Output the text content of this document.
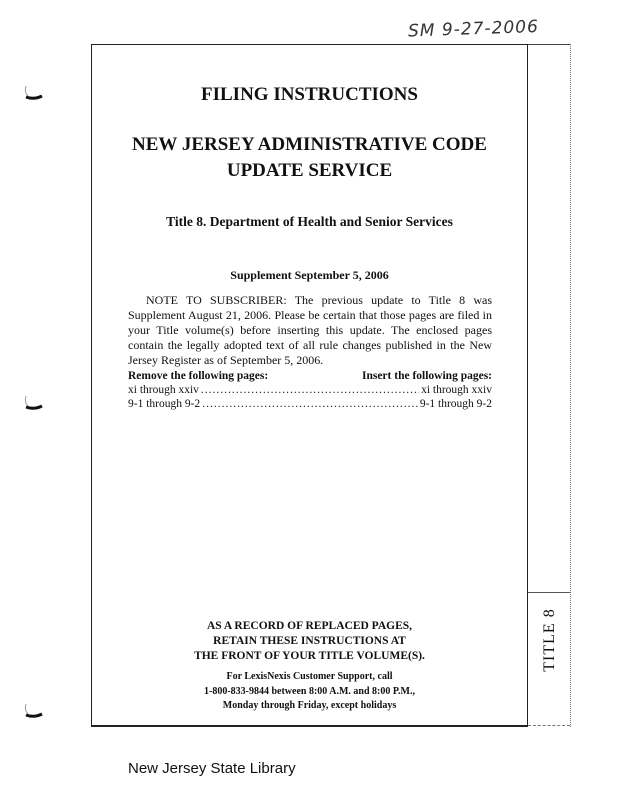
SM 9-27-2006
TITLE 8
FILING INSTRUCTIONS
NEW JERSEY ADMINISTRATIVE CODE
UPDATE SERVICE
Title 8. Department of Health and Senior Services
Supplement September 5, 2006
NOTE TO SUBSCRIBER: The previous update to Title 8 was Supplement August 21, 2006. Please be certain that those pages are filed in your Title volume(s) before inserting this update. The enclosed pages contain the legally adopted text of all rule changes published in the New Jersey Register as of September 5, 2006.
Remove the following pages:	Insert the following pages:
xi through xxiv .....	xi through xxiv
9-1 through 9-2 .....	9-1 through 9-2
AS A RECORD OF REPLACED PAGES,
RETAIN THESE INSTRUCTIONS AT
THE FRONT OF YOUR TITLE VOLUME(S).
For LexisNexis Customer Support, call
1-800-833-9844 between 8:00 A.M. and 8:00 P.M.,
Monday through Friday, except holidays
New Jersey State Library
